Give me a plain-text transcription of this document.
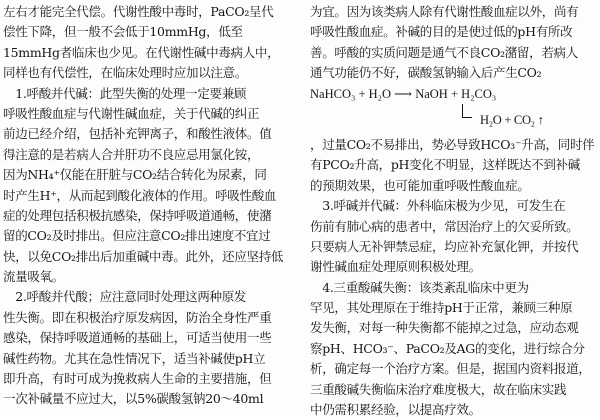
左右才能完全代偿。代谢性酸中毒时，PaCO₂呈代
偿性下降，但一般不会低于10mmHg，低至
15mmHg者临床也少见。在代谢性碱中毒病人中，
同样也有代偿性，在临床处理时应加以注意。
　1.呼酸并代碱：此型失衡的处理一定要兼顾
呼吸性酸血症与代谢性碱血症，关于代碱的纠正
前边已经介绍，包括补充钾离子，和酸性液体。值
得注意的是若病人合并肝功不良应忌用氯化铵，
因为NH₄⁺仅能在肝脏与CO₂结合转化为尿素，同
时产生H⁺，从而起到酸化液体的作用。呼吸性酸血
症的处理包括积极抗感染，保持呼吸道通畅，使潴
留的CO₂及时排出。但应注意CO₂排出速度不宜过
快，以免CO₂排出后加重碱中毒。此外，还应坚持低
流量吸氧。
　2.呼酸并代酸；应注意同时处理这两种原发
性失衡。即在积极治疗原发病因，防治全身性严重
感染，保持呼吸道通畅的基础上，可适当使用一些
碱性药物。尤其在急性情况下，适当补碱使pH立
即升高，有时可成为挽救病人生命的主要措施，但
一次补碱量不应过大，以5%碳酸氢钠20～40ml
为宜。因为该类病人除有代谢性酸血症以外，尚有
呼吸性酸血症。补碱的目的是使过低的pH有所改
善。呼酸的实质问题是通气不良CO₂潴留，若病人
通气功能仍不好，碳酸氢钠输入后产生CO₂
NaHCO₃ + H₂O ⟶ NaOH + H₂CO₃
H₂O + CO₂ ↑
，过量CO₂不易排出，势必导致HCO₃⁻升高，同时伴
有PCO₂升高，pH变化不明显，这样既达不到补碱
的预期效果，也可能加重呼吸性酸血症。
　3.呼碱并代碱：外科临床极为少见，可发生在
伤前有肺心病的患者中，常因治疗上的欠妥所致。
只要病人无补钾禁忌症，均应补充氯化钾，并按代
谢性碱血症处理原则积极处理。
　4.三重酸碱失衡：该类紊乱临床中更为
罕见，其处理原在于维持pH于正常，兼顾三种原
发失衡，对每一种失衡都不能掉之过急，应动态观
察pH、HCO₃⁻、PaCO₂及AG的变化，进行综合分
析，确定每一个治疗方案。但是，据国内资料报道，
三重酸碱失衡临床治疗难度极大，故在临床实践
中仍需积累经验，以提高疗效。
